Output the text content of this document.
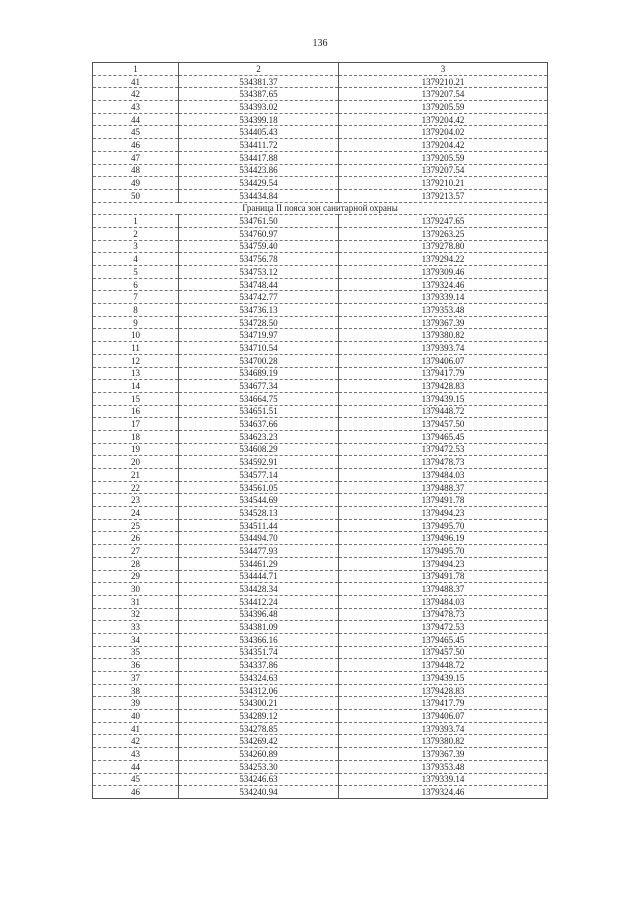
136
1	2	3
41	534381.37	1379210.21
42	534387.65	1379207.54
43	534393.02	1379205.59
44	534399.18	1379204.42
45	534405.43	1379204.02
46	534411.72	1379204.42
47	534417.88	1379205.59
48	534423.86	1379207.54
49	534429.54	1379210.21
50	534434.84	1379213.57
Граница II пояса зон санитарной охраны		
1	534761.50	1379247.65
2	534760.97	1379263.25
3	534759.40	1379278.80
4	534756.78	1379294.22
5	534753.12	1379309.46
6	534748.44	1379324.46
7	534742.77	1379339.14
8	534736.13	1379353.48
9	534728.50	1379367.39
10	534719.97	1379380.82
11	534710.54	1379393.74
12	534700.28	1379406.07
13	534689.19	1379417.79
14	534677.34	1379428.83
15	534664.75	1379439.15
16	534651.51	1379448.72
17	534637.66	1379457.50
18	534623.23	1379465.45
19	534608.29	1379472.53
20	534592.91	1379478.73
21	534577.14	1379484.03
22	534561.05	1379488.37
23	534544.69	1379491.78
24	534528.13	1379494.23
25	534511.44	1379495.70
26	534494.70	1379496.19
27	534477.93	1379495.70
28	534461.29	1379494.23
29	534444.71	1379491.78
30	534428.34	1379488.37
31	534412.24	1379484.03
32	534396.48	1379478.73
33	534381.09	1379472.53
34	534366.16	1379465.45
35	534351.74	1379457.50
36	534337.86	1379448.72
37	534324.63	1379439.15
38	534312.06	1379428.83
39	534300.21	1379417.79
40	534289.12	1379406.07
41	534278.85	1379393.74
42	534269.42	1379380.82
43	534260.89	1379367.39
44	534253.30	1379353.48
45	534246.63	1379339.14
46	534240.94	1379324.46
